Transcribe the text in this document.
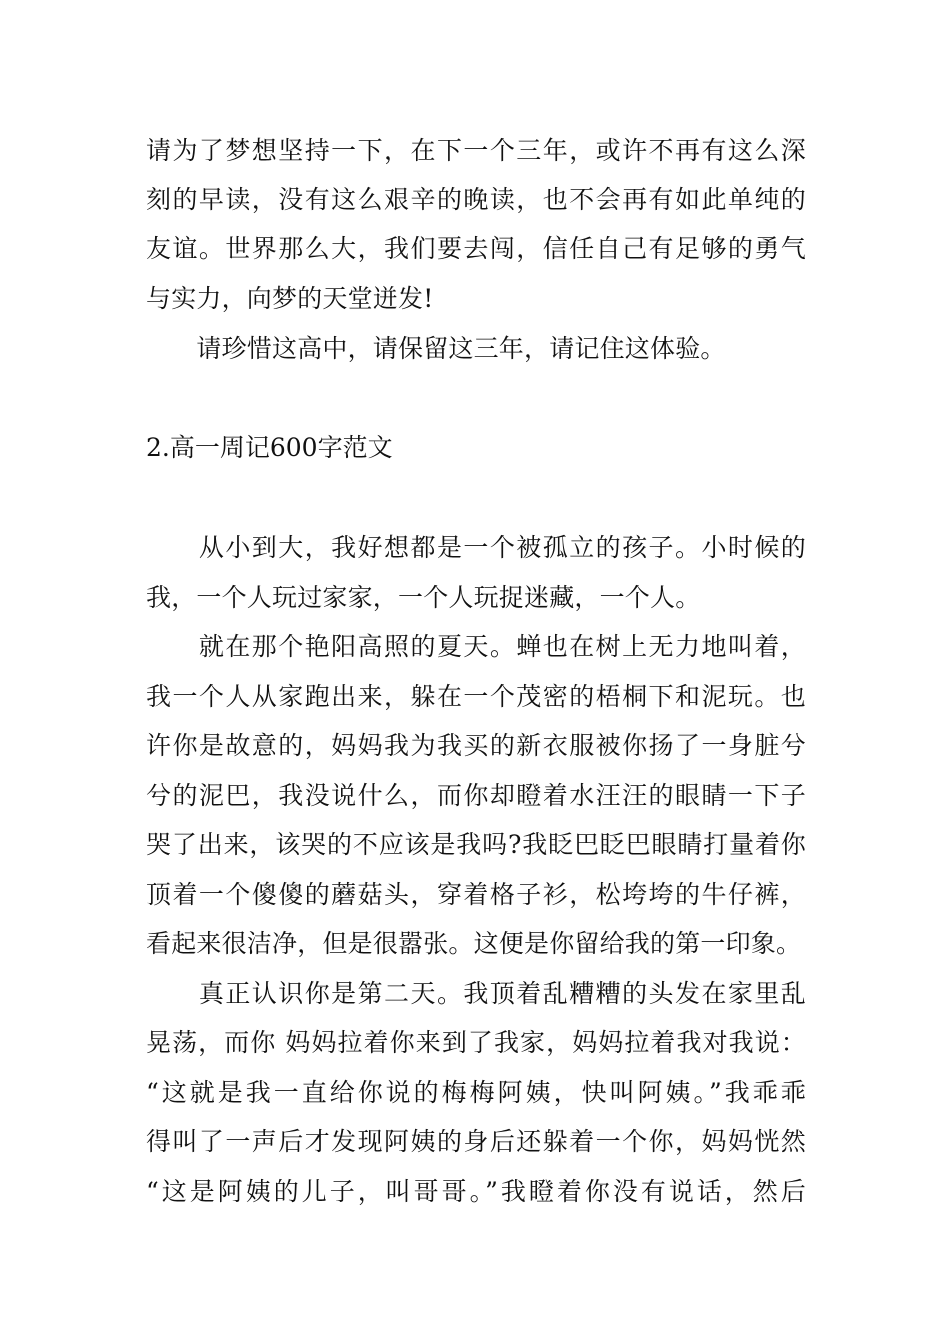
请为了梦想坚持一下，在下一个三年，或许不再有这么深
刻的早读，没有这么艰辛的晚读，也不会再有如此单纯的
友谊。世界那么大，我们要去闯，信任自己有足够的勇气
与实力，向梦的天堂迸发!
　　请珍惜这高中，请保留这三年，请记住这体验。
2.高一周记600字范文
　　从小到大，我好想都是一个被孤立的孩子。小时候的
我，一个人玩过家家，一个人玩捉迷藏，一个人。
　　就在那个艳阳高照的夏天。蝉也在树上无力地叫着，
我一个人从家跑出来，躲在一个茂密的梧桐下和泥玩。也
许你是故意的，妈妈我为我买的新衣服被你扬了一身脏兮
兮的泥巴，我没说什么，而你却瞪着水汪汪的眼睛一下子
哭了出来，该哭的不应该是我吗?我眨巴眨巴眼睛打量着你
顶着一个傻傻的蘑菇头，穿着格子衫，松垮垮的牛仔裤，
看起来很洁净，但是很嚣张。这便是你留给我的第一印象。
　　真正认识你是第二天。我顶着乱糟糟的头发在家里乱
晃荡，而你 妈妈拉着你来到了我家，妈妈拉着我对我说：
“这就是我一直给你说的梅梅阿姨，快叫阿姨。”我乖乖
得叫了一声后才发现阿姨的身后还躲着一个你，妈妈恍然
“这是阿姨的儿子，叫哥哥。”我瞪着你没有说话，然后
